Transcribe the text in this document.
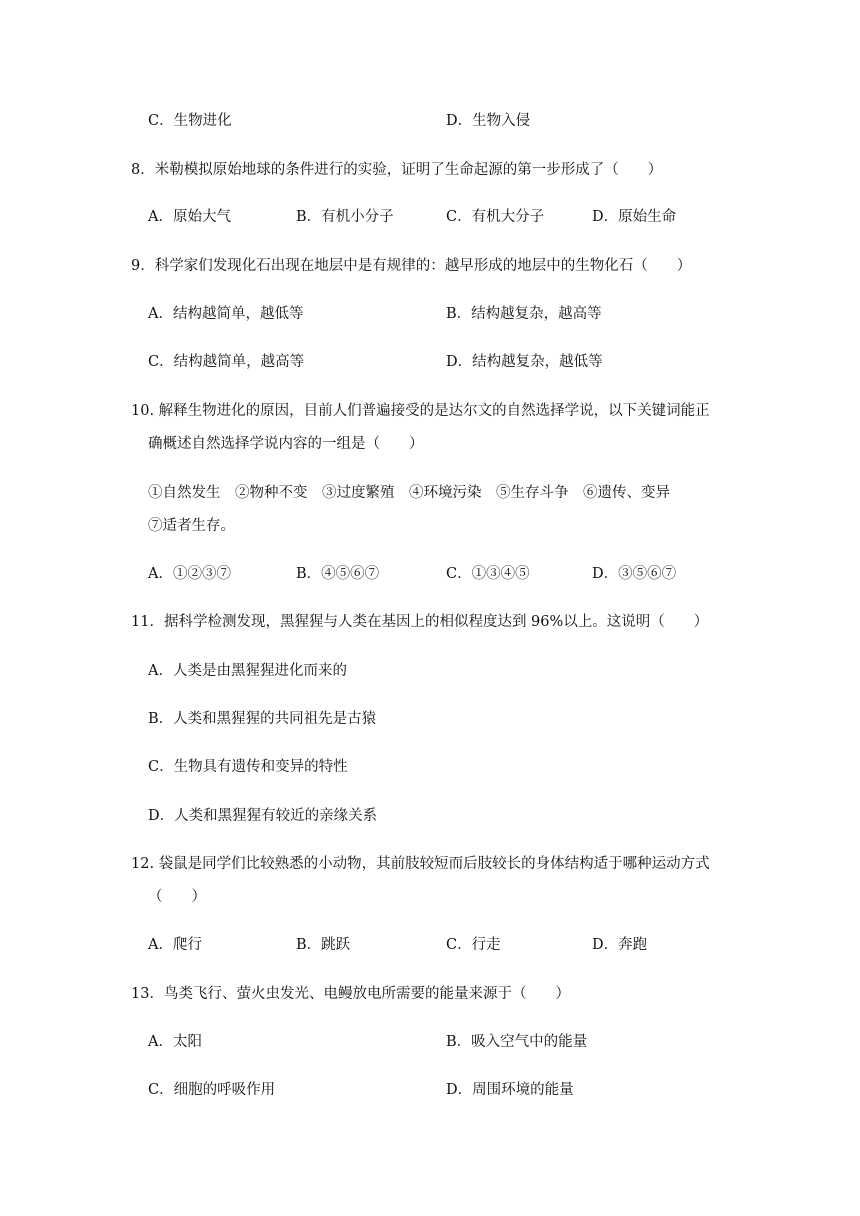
C．生物进化	D．生物入侵
8．米勒模拟原始地球的条件进行的实验，证明了生命起源的第一步形成了（　　）
A．原始大气	B．有机小分子	C．有机大分子	D．原始生命
9．科学家们发现化石出现在地层中是有规律的：越早形成的地层中的生物化石（　　）
A．结构越简单，越低等	B．结构越复杂，越高等
C．结构越简单，越高等	D．结构越复杂，越低等
10. 解释生物进化的原因，目前人们普遍接受的是达尔文的自然选择学说，以下关键词能正
确概述自然选择学说内容的一组是（　　）
①自然发生　②物种不变　③过度繁殖　④环境污染　⑤生存斗争　⑥遗传、变异
⑦适者生存。
A．①②③⑦	B．④⑤⑥⑦	C．①③④⑤	D．③⑤⑥⑦
11．据科学检测发现，黑猩猩与人类在基因上的相似程度达到 96%以上。这说明（　　）
A．人类是由黑猩猩进化而来的
B．人类和黑猩猩的共同祖先是古猿
C．生物具有遗传和变异的特性
D．人类和黑猩猩有较近的亲缘关系
12. 袋鼠是同学们比较熟悉的小动物，其前肢较短而后肢较长的身体结构适于哪种运动方式
（　　）
A．爬行	B．跳跃	C．行走	D．奔跑
13．鸟类飞行、萤火虫发光、电鳗放电所需要的能量来源于（　　）
A．太阳	B．吸入空气中的能量
C．细胞的呼吸作用	D．周围环境的能量
